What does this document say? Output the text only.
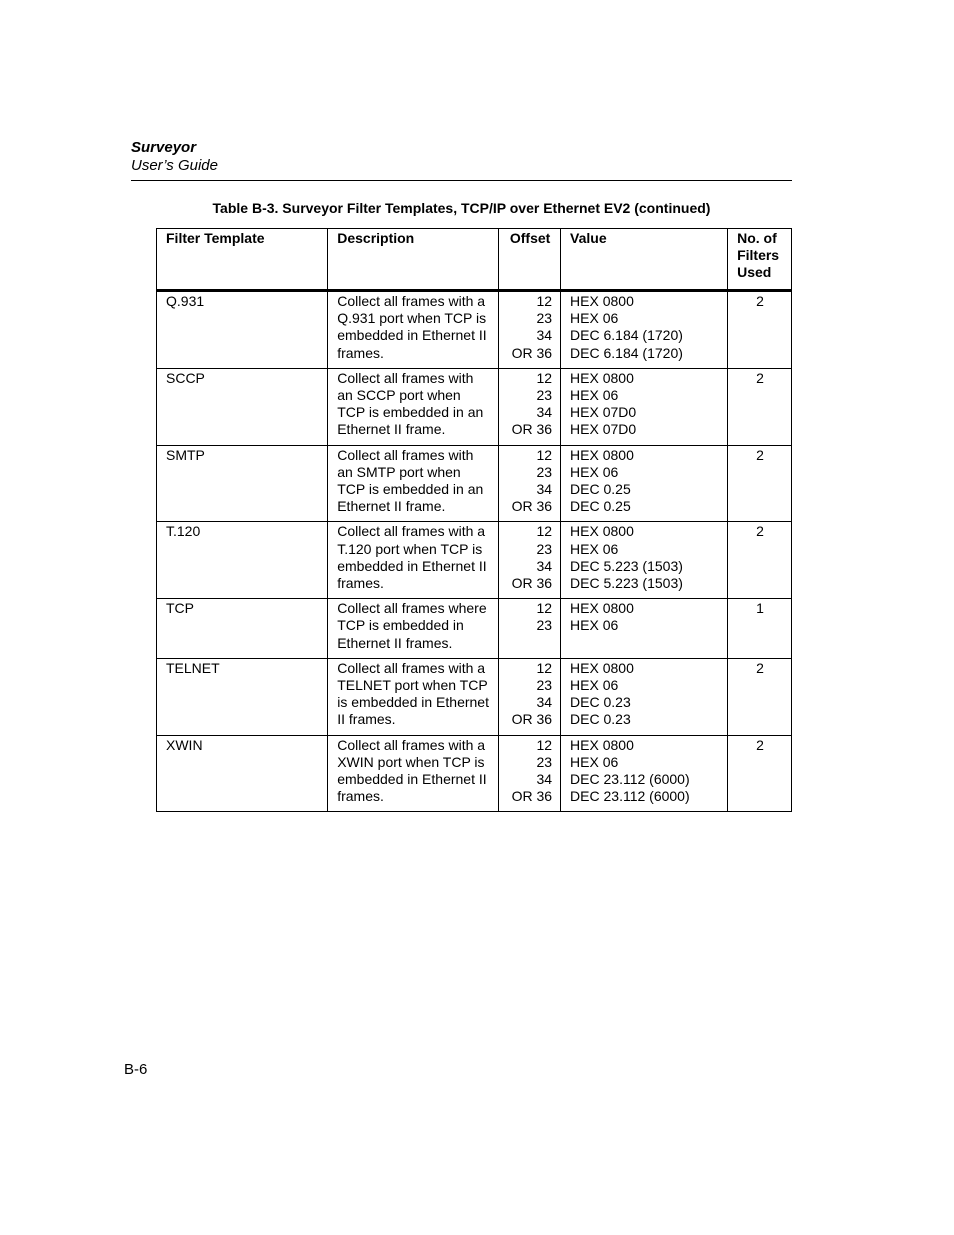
Surveyor
User’s Guide
Table B-3. Surveyor Filter Templates, TCP/IP over Ethernet EV2 (continued)
Filter Template	Description	Offset	Value	No. of
Filters
Used

Q.931	Collect all frames with a
Q.931 port when TCP is
embedded in Ethernet II
frames.	12
23
34
OR 36	HEX 0800
HEX 06
DEC 6.184 (1720)
DEC 6.184 (1720)	2
SCCP	Collect all frames with
an SCCP port when
TCP is embedded in an
Ethernet II frame.	12
23
34
OR 36	HEX 0800
HEX 06
HEX 07D0
HEX 07D0	2
SMTP	Collect all frames with
an SMTP port when
TCP is embedded in an
Ethernet II frame.	12
23
34
OR 36	HEX 0800
HEX 06
DEC 0.25
DEC 0.25	2
T.120	Collect all frames with a
T.120 port when TCP is
embedded in Ethernet II
frames.	12
23
34
OR 36	HEX 0800
HEX 06
DEC 5.223 (1503)
DEC 5.223 (1503)	2
TCP	Collect all frames where
TCP is embedded in
Ethernet II frames.	12
23	HEX 0800
HEX 06	1
TELNET	Collect all frames with a
TELNET port when TCP
is embedded in Ethernet
II frames.	12
23
34
OR 36	HEX 0800
HEX 06
DEC 0.23
DEC 0.23	2
XWIN	Collect all frames with a
XWIN port when TCP is
embedded in Ethernet II
frames.	12
23
34
OR 36	HEX 0800
HEX 06
DEC 23.112 (6000)
DEC 23.112 (6000)	2
B-6
